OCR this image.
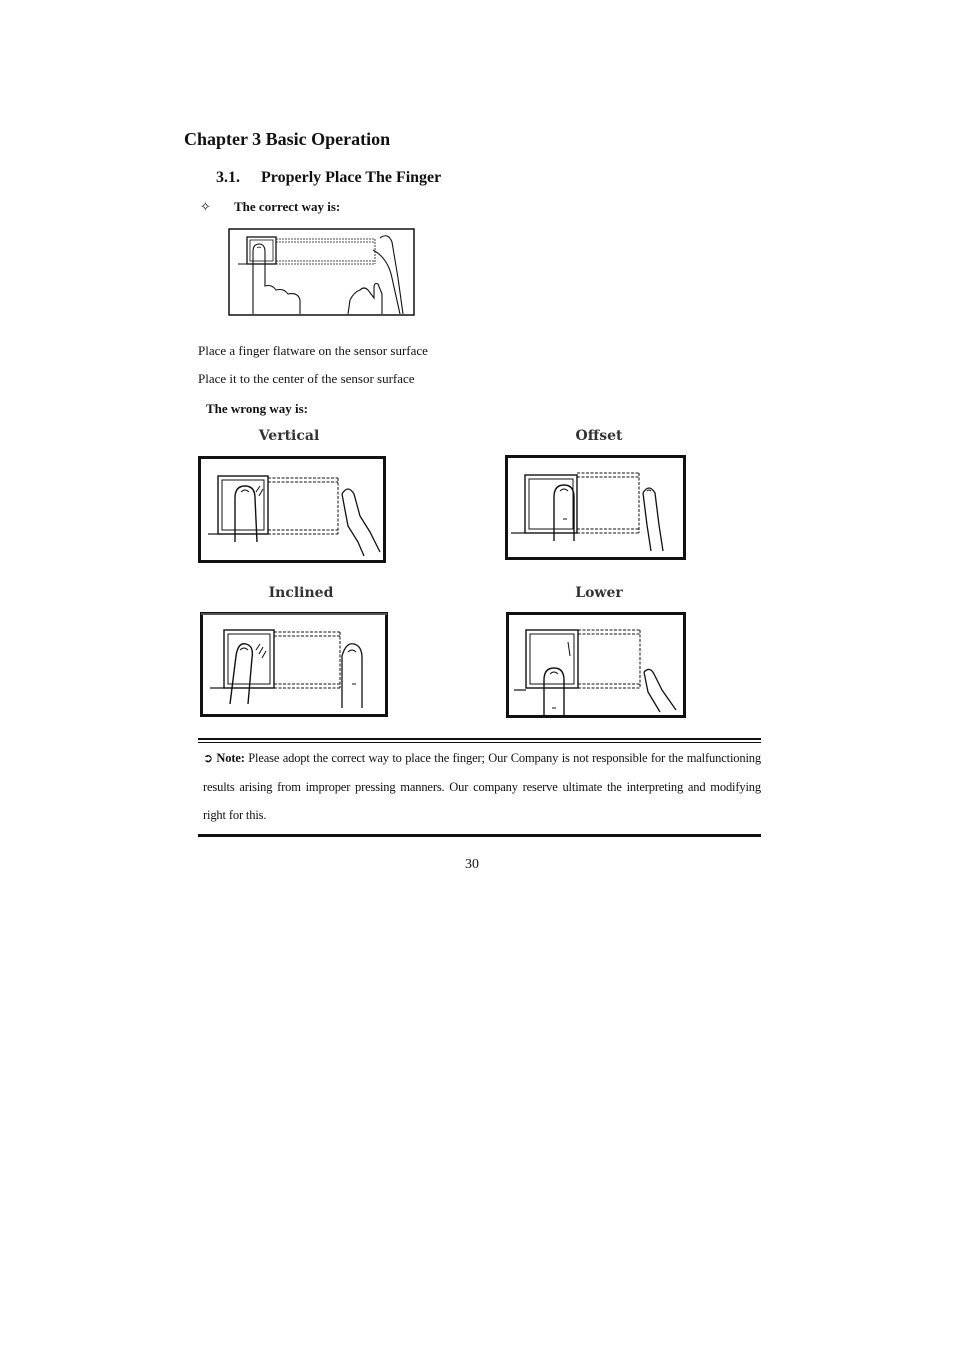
Chapter 3 Basic Operation
3.1. Properly Place The Finger
✧ The correct way is:
Place a finger flatware on the sensor surface
Place it to the center of the sensor surface
The wrong way is:
Vertical	Offset
Inclined	Lower
➲ Note: Please adopt the correct way to place the finger; Our Company is not responsible for the malfunctioning results arising from improper pressing manners. Our company reserve ultimate the interpreting and modifying right for this.
30
